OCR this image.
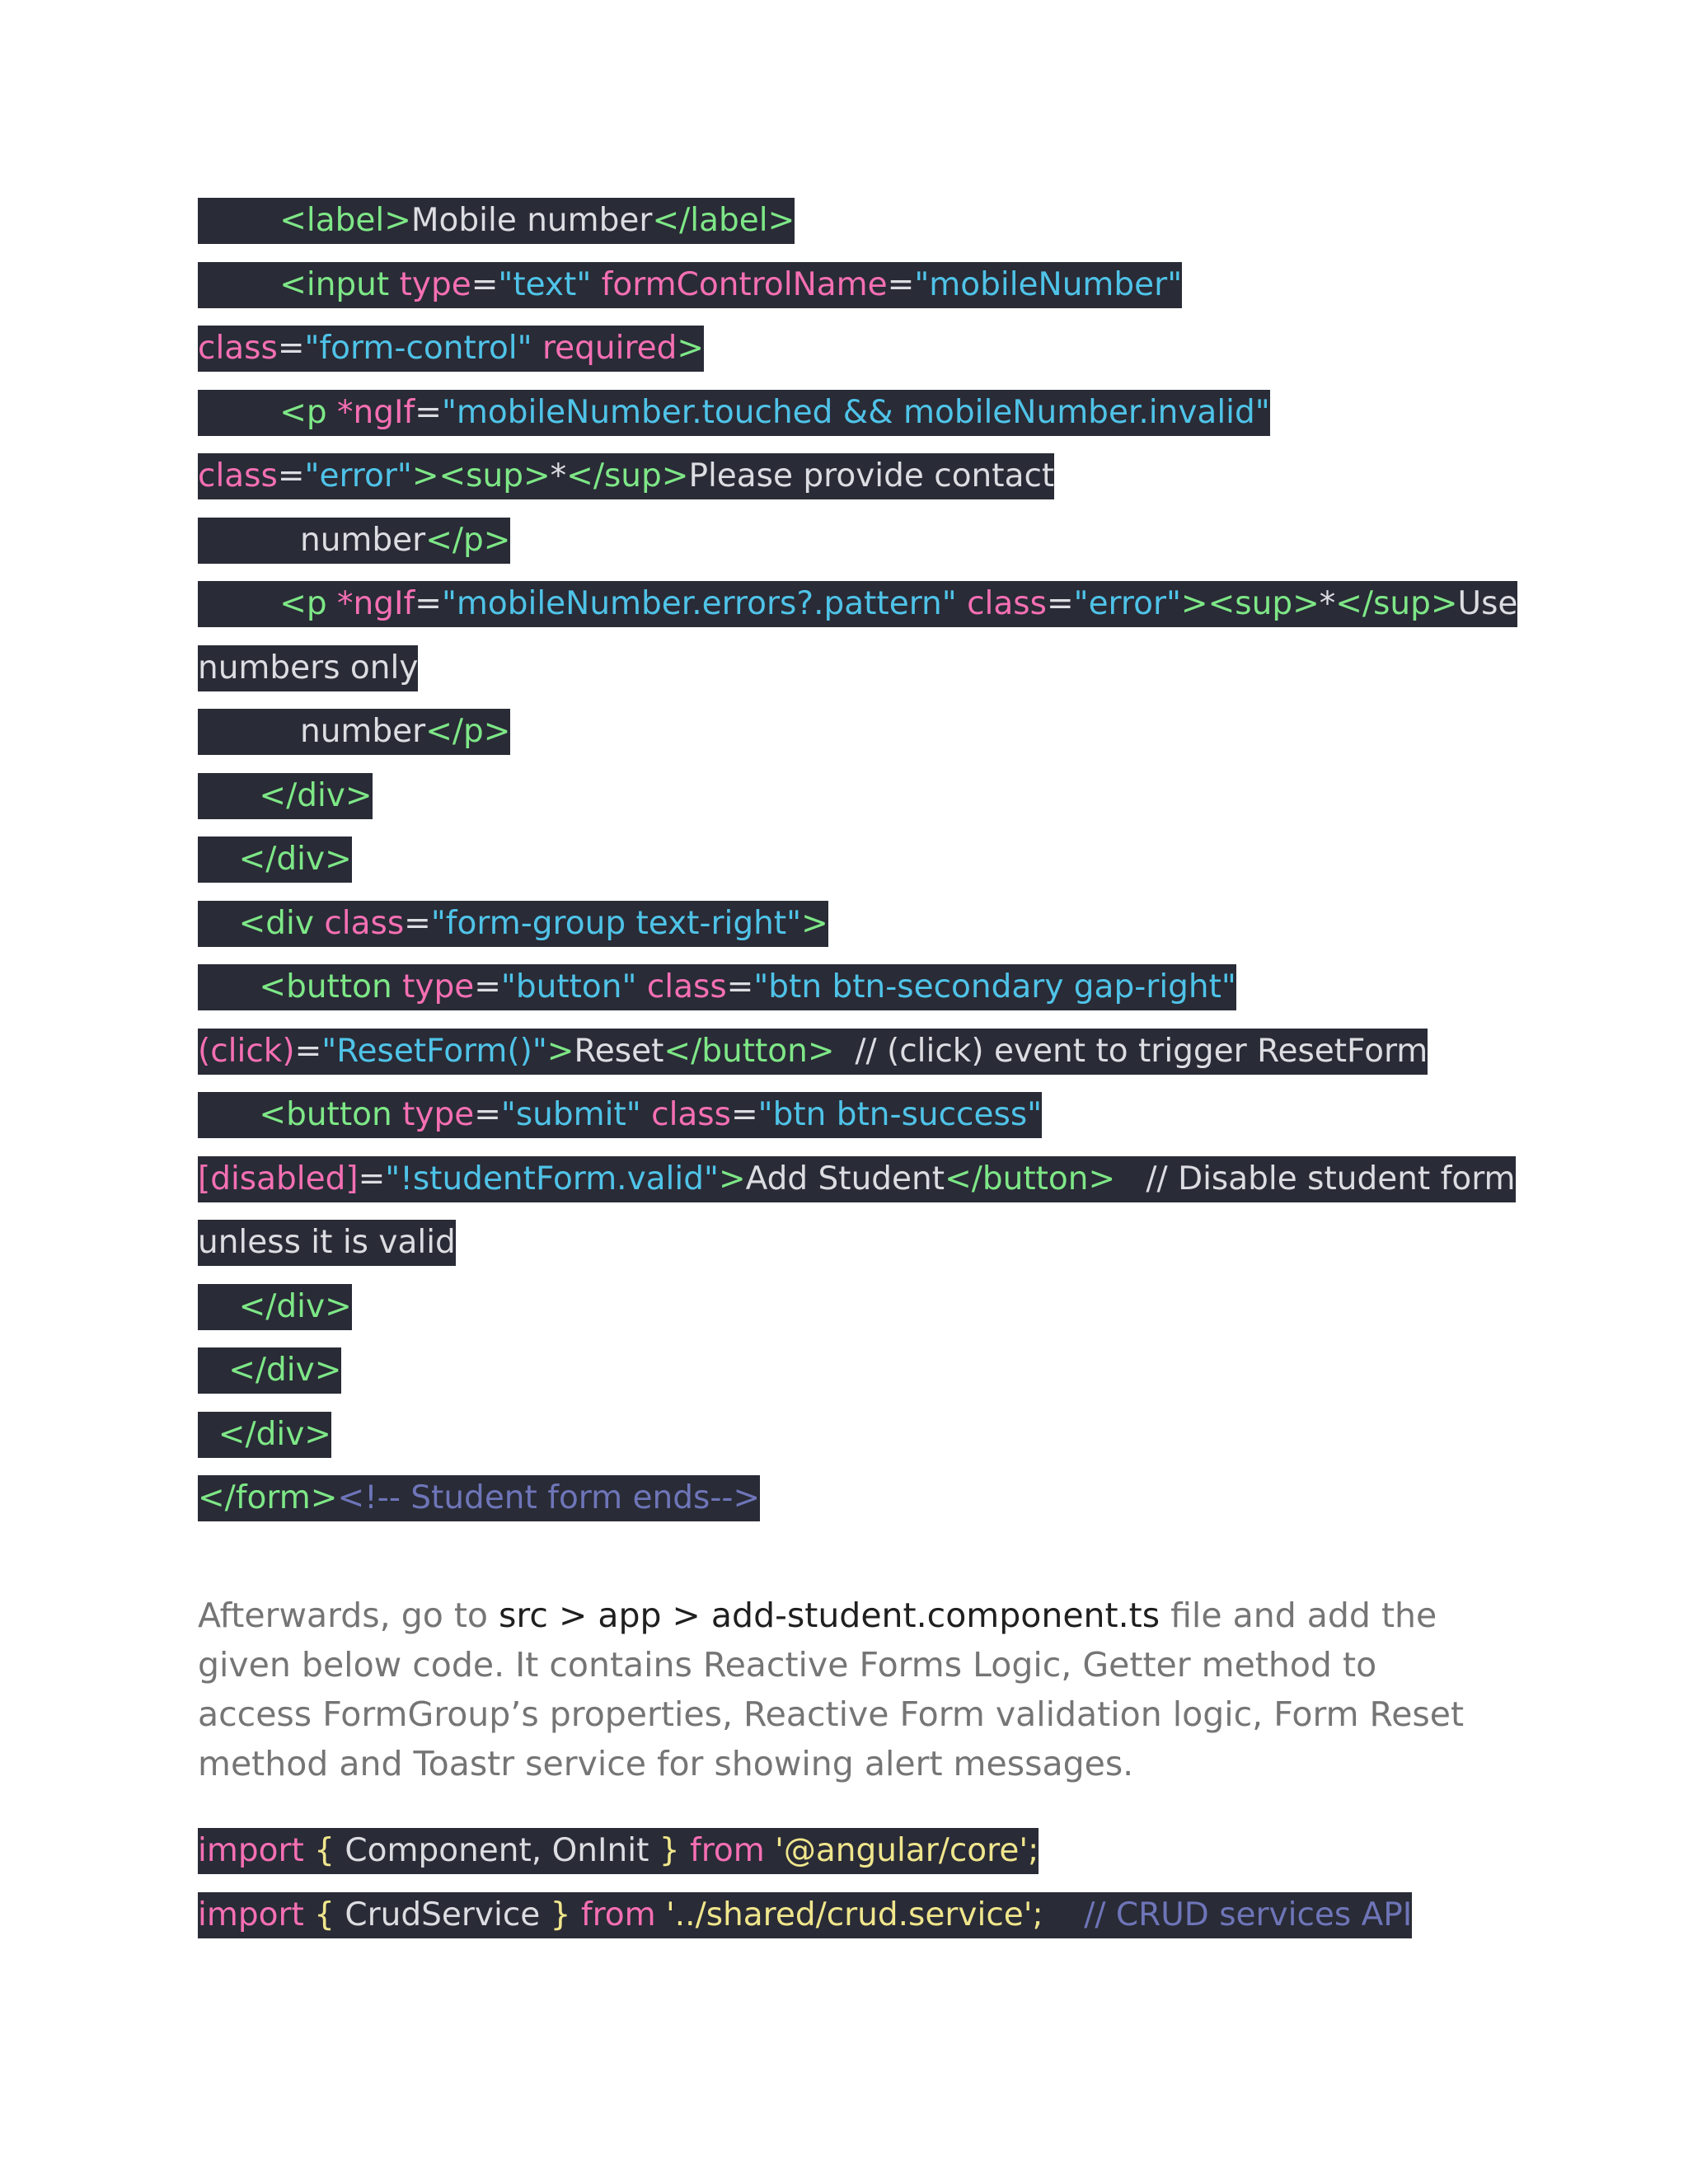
<label>Mobile number</label>
<input type="text" formControlName="mobileNumber"
class="form-control" required>
<p *ngIf="mobileNumber.touched && mobileNumber.invalid"
class="error"><sup>*</sup>Please provide contact
number</p>
<p *ngIf="mobileNumber.errors?.pattern" class="error"><sup>*</sup>Use
numbers only
number</p>
</div>
</div>
<div class="form-group text-right">
<button type="button" class="btn btn-secondary gap-right"
(click)="ResetForm()">Reset</button>  // (click) event to trigger ResetForm
<button type="submit" class="btn btn-success"
[disabled]="!studentForm.valid">Add Student</button>   // Disable student form
unless it is valid
</div>
</div>
</div>
</form><!-- Student form ends-->

Afterwards, go to src > app > add-student.component.ts file and add the given below code. It contains Reactive Forms Logic, Getter method to access FormGroup’s properties, Reactive Form validation logic, Form Reset method and Toastr service for showing alert messages.

import { Component, OnInit } from '@angular/core';
import { CrudService } from '../shared/crud.service';    // CRUD services API
